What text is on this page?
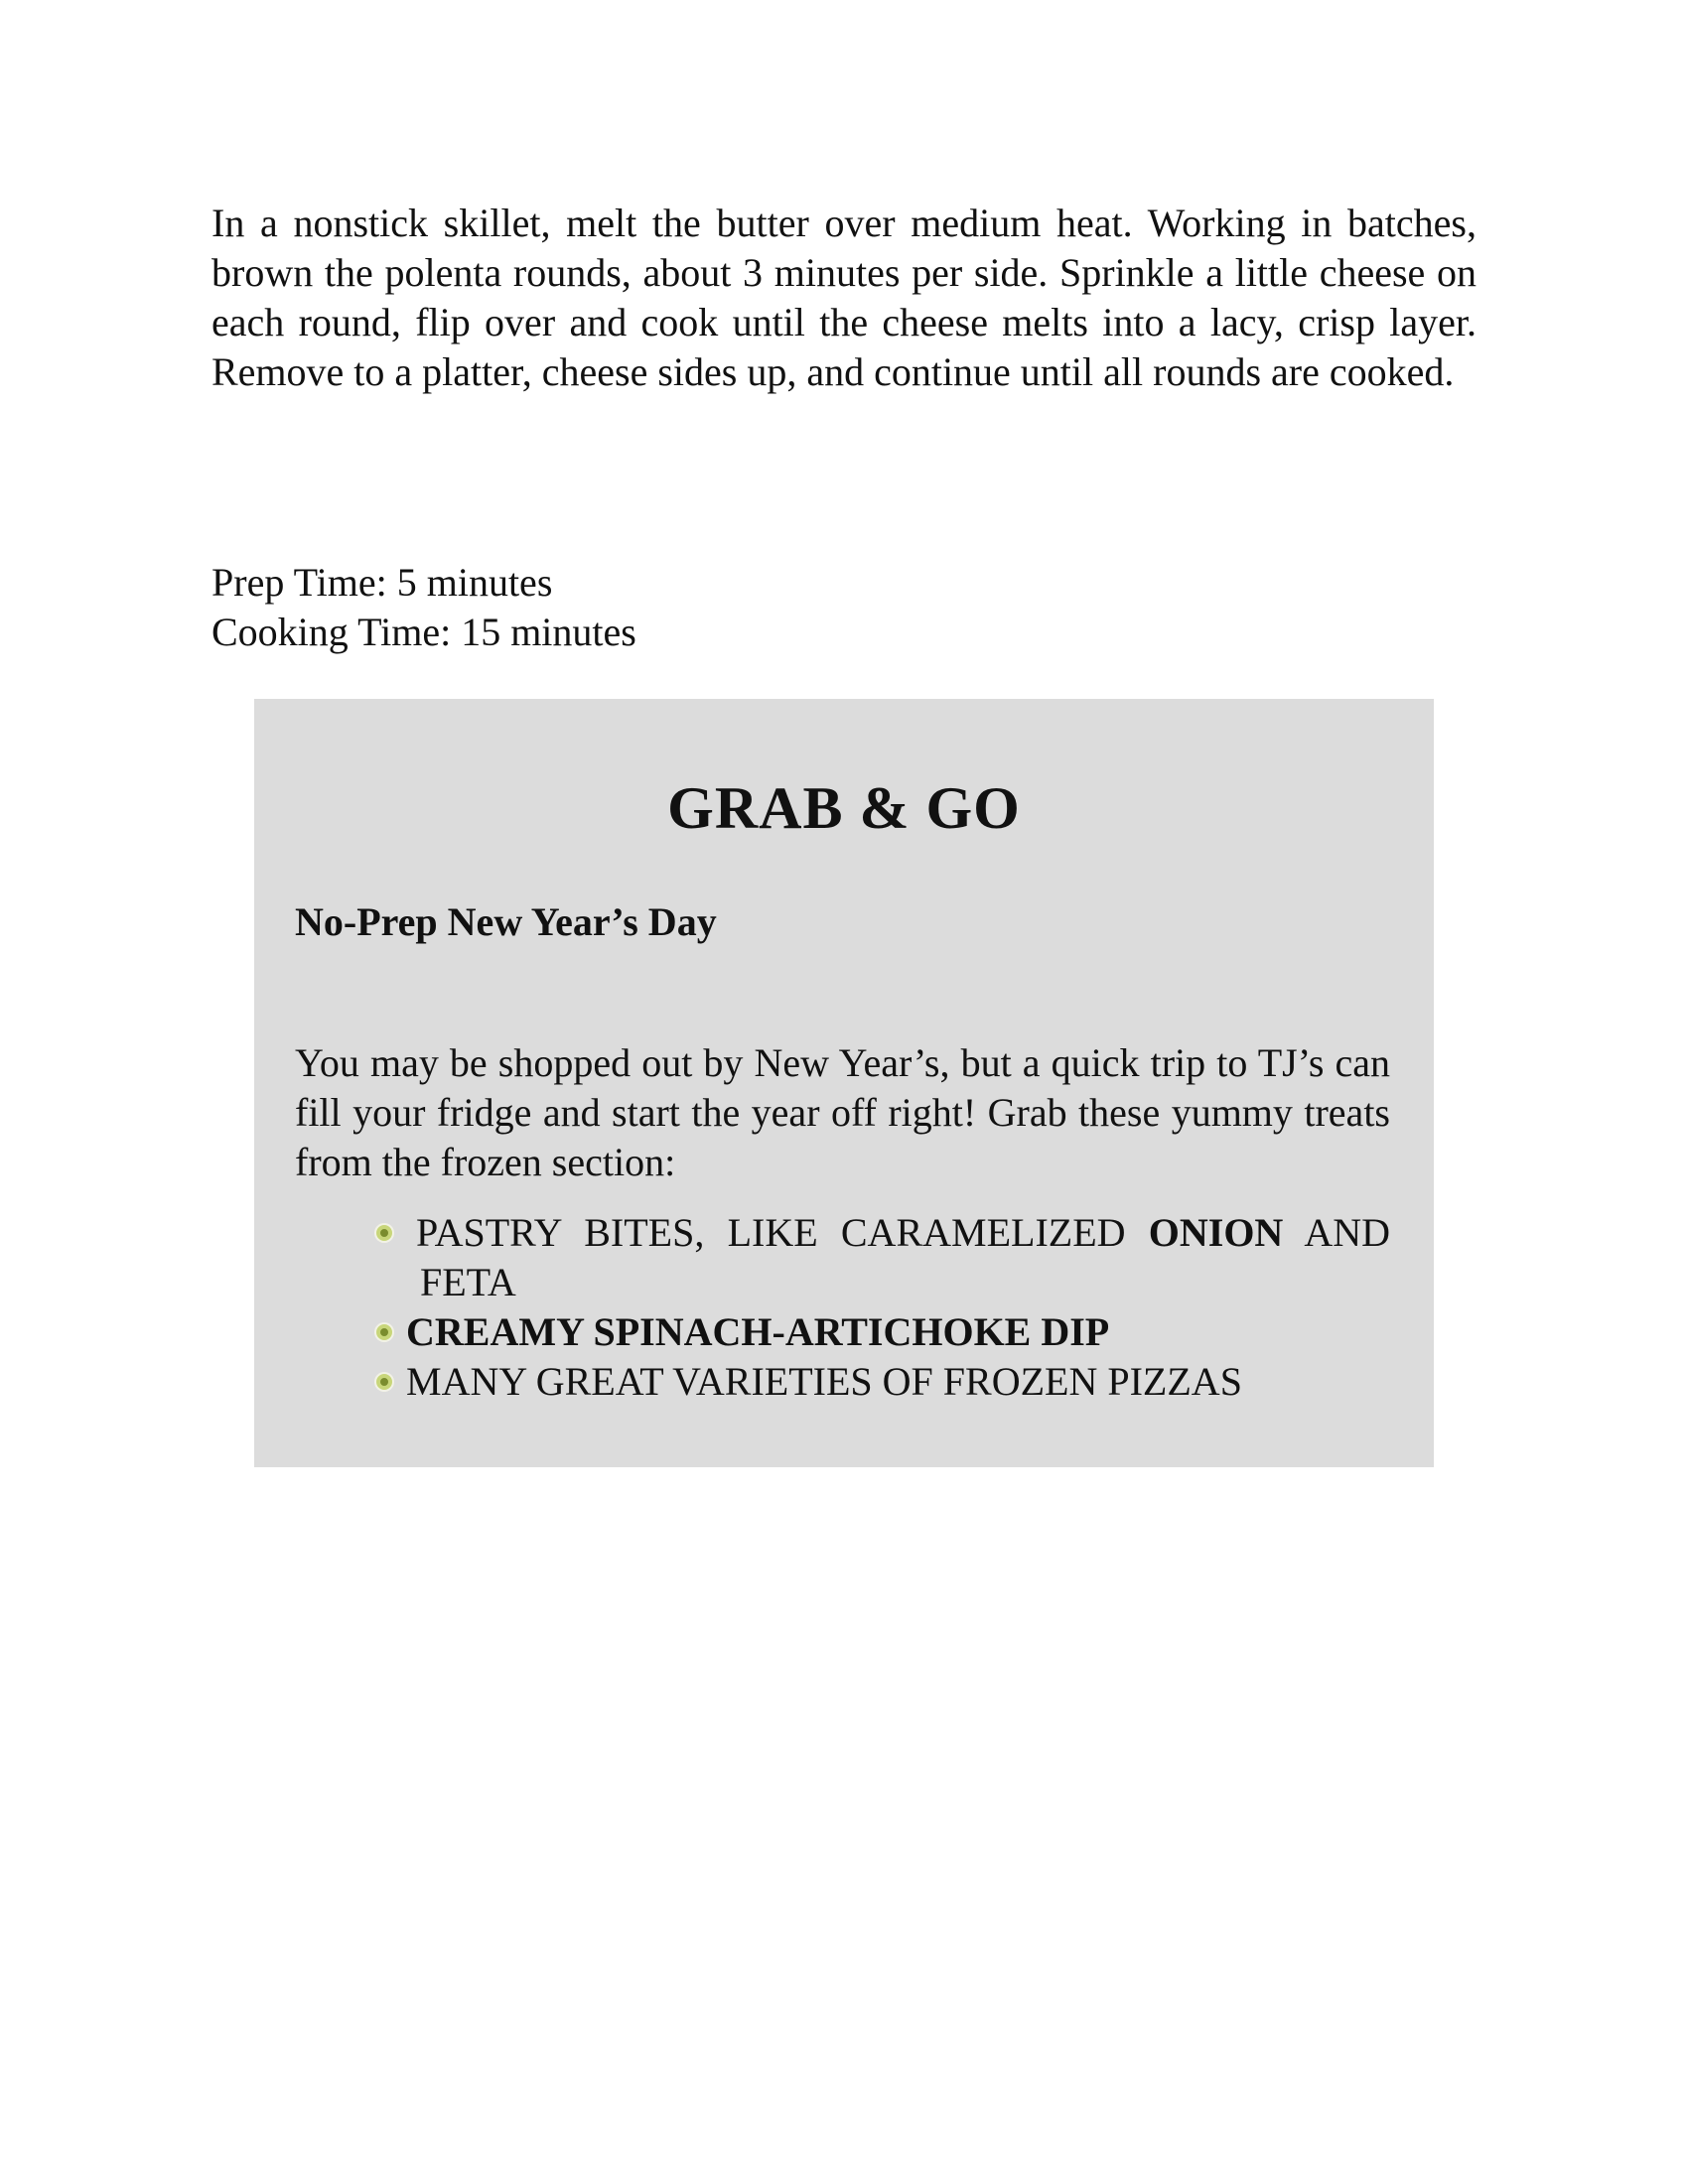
In a nonstick skillet, melt the butter over medium heat. Working in batches, brown the polenta rounds, about 3 minutes per side. Sprinkle a little cheese on each round, flip over and cook until the cheese melts into a lacy, crisp layer. Remove to a platter, cheese sides up, and continue until all rounds are cooked.

Prep Time: 5 minutes
Cooking Time: 15 minutes
GRAB & GO
No-Prep New Year’s Day

You may be shopped out by New Year’s, but a quick trip to TJ’s can fill your fridge and start the year off right! Grab these yummy treats from the frozen section:

PASTRY BITES, LIKE CARAMELIZED ONION AND
FETA
CREAMY SPINACH-ARTICHOKE DIP
MANY GREAT VARIETIES OF FROZEN PIZZAS
